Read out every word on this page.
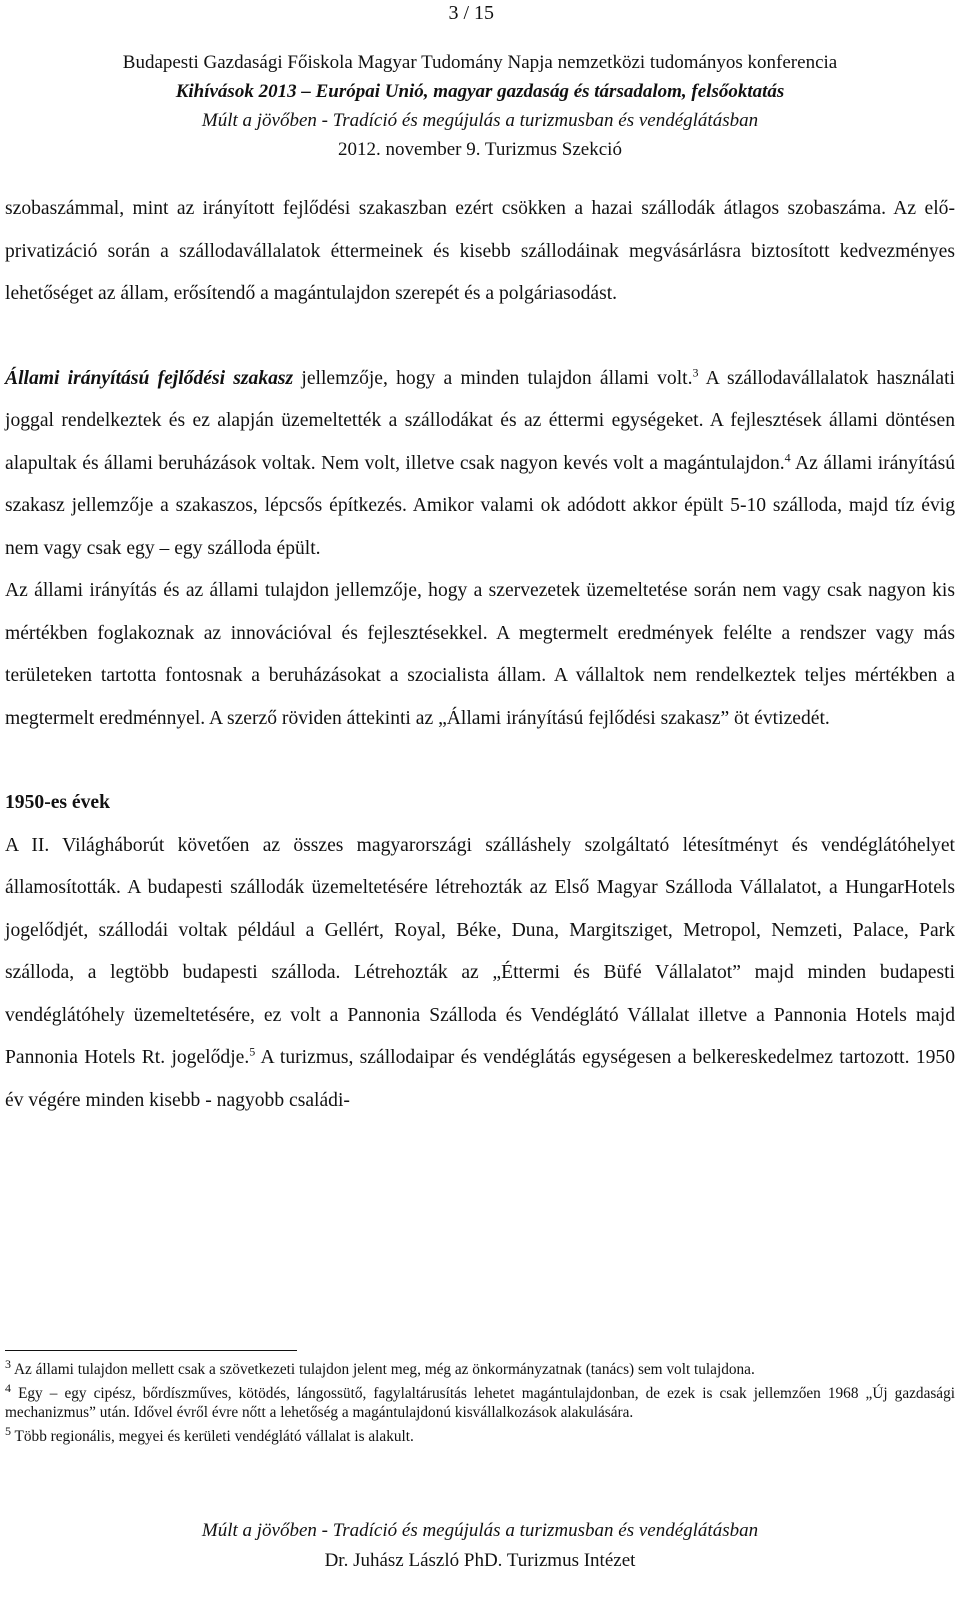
3 / 15
Budapesti Gazdasági Főiskola Magyar Tudomány Napja nemzetközi tudományos konferencia
Kihívások 2013 – Európai Unió, magyar gazdaság és társadalom, felsőoktatás
Múlt a jövőben - Tradíció és megújulás a turizmusban és vendéglátásban
2012. november 9. Turizmus Szekció

szobaszámmal, mint az irányított fejlődési szakaszban ezért csökken a hazai szállodák átlagos szobaszáma. Az elő-privatizáció során a szállodavállalatok éttermeinek és kisebb szállodáinak megvásárlásra biztosított kedvezményes lehetőséget az állam, erősítendő a magántulajdon szerepét és a polgáriasodást.

Állami irányítású fejlődési szakasz jellemzője, hogy a minden tulajdon állami volt.$^3$ A szállodavállalatok használati joggal rendelkeztek és ez alapján üzemeltették a szállodákat és az éttermi egységeket. A fejlesztések állami döntésen alapultak és állami beruházások voltak. Nem volt, illetve csak nagyon kevés volt a magántulajdon.$^4$ Az állami irányítású szakasz jellemzője a szakaszos, lépcsős építkezés. Amikor valami ok adódott akkor épült 5-10 szálloda, majd tíz évig nem vagy csak egy – egy szálloda épült.

Az állami irányítás és az állami tulajdon jellemzője, hogy a szervezetek üzemeltetése során nem vagy csak nagyon kis mértékben foglakoznak az innovációval és fejlesztésekkel. A megtermelt eredmények felélte a rendszer vagy más területeken tartotta fontosnak a beruházásokat a szocialista állam. A vállaltok nem rendelkeztek teljes mértékben a megtermelt eredménnyel. A szerző röviden áttekinti az „Állami irányítású fejlődési szakasz” öt évtizedét.

1950-es évek

A II. Világháborút követően az összes magyarországi szálláshely szolgáltató létesítményt és vendéglátóhelyet államosították. A budapesti szállodák üzemeltetésére létrehozták az Első Magyar Szálloda Vállalatot, a HungarHotels jogelődjét, szállodái voltak például a Gellért, Royal, Béke, Duna, Margitsziget, Metropol, Nemzeti, Palace, Park szálloda, a legtöbb budapesti szálloda. Létrehozták az „Éttermi és Büfé Vállalatot” majd minden budapesti vendéglátóhely üzemeltetésére, ez volt a Pannonia Szálloda és Vendéglátó Vállalat illetve a Pannonia Hotels majd Pannonia Hotels Rt. jogelődje.$^5$ A turizmus, szállodaipar és vendéglátás egységesen a belkereskedelmez tartozott. 1950 év végére minden kisebb - nagyobb családi-

$^3$ Az állami tulajdon mellett csak a szövetkezeti tulajdon jelent meg, még az önkormányzatnak (tanács) sem volt tulajdona.

$^4$ Egy – egy cipész, bőrdíszműves, kötödés, lángossütő, fagylaltárusítás lehetet magántulajdonban, de ezek is csak jellemzően 1968 „Új gazdasági mechanizmus” után. Idővel évről évre nőtt a lehetőség a magántulajdonú kisvállalkozások alakulására.

$^5$ Több regionális, megyei és kerületi vendéglátó vállalat is alakult.

Múlt a jövőben - Tradíció és megújulás a turizmusban és vendéglátásban
Dr. Juhász László PhD. Turizmus Intézet
